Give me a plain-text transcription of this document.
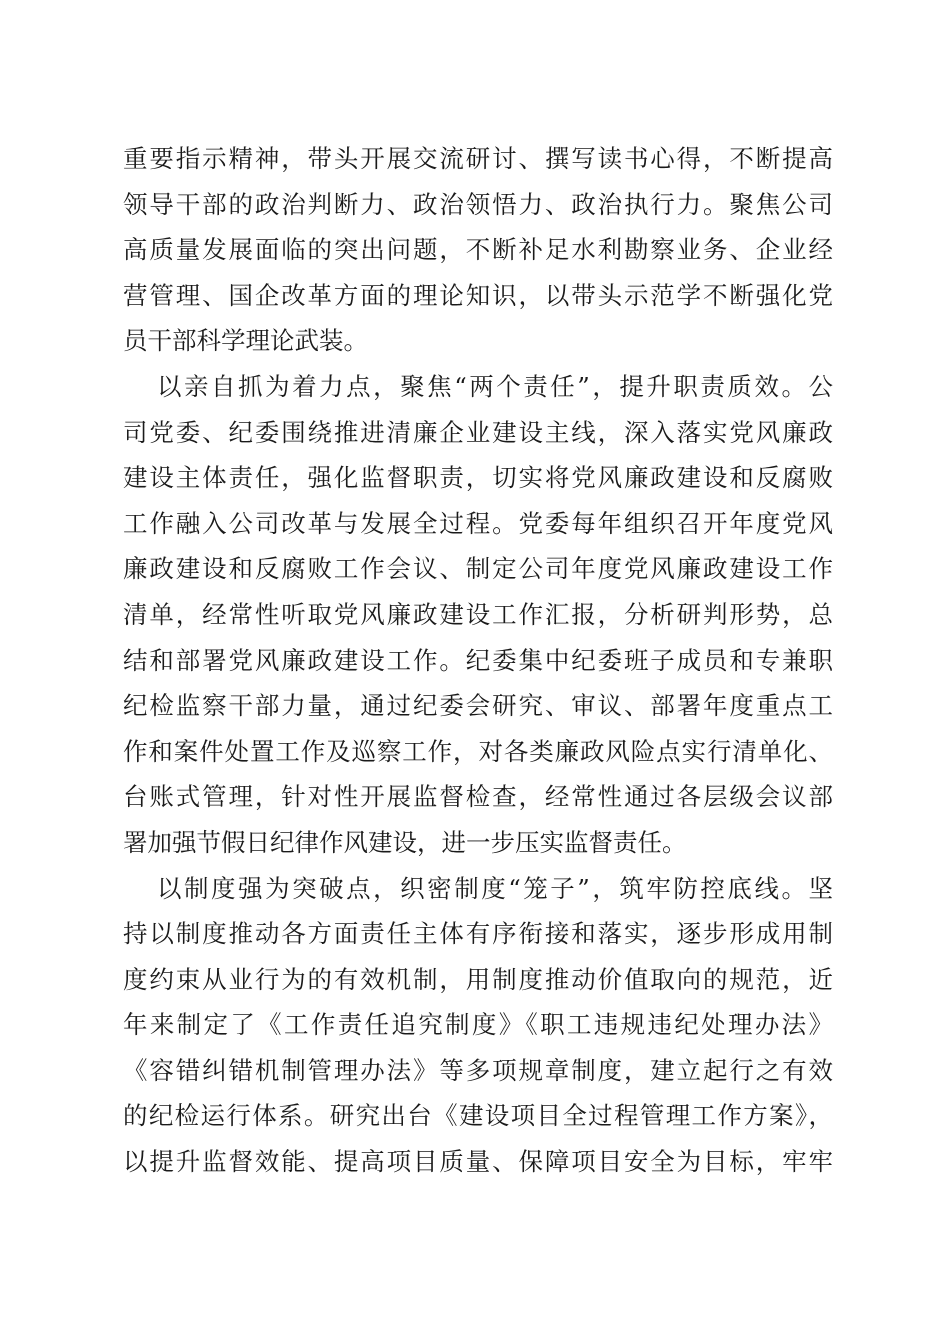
重要指示精神，带头开展交流研讨、撰写读书心得，不断提高
领导干部的政治判断力、政治领悟力、政治执行力。聚焦公司
高质量发展面临的突出问题，不断补足水利勘察业务、企业经
营管理、国企改革方面的理论知识，以带头示范学不断强化党
员干部科学理论武装。
以亲自抓为着力点，聚焦“两个责任”，提升职责质效。公
司党委、纪委围绕推进清廉企业建设主线，深入落实党风廉政
建设主体责任，强化监督职责，切实将党风廉政建设和反腐败
工作融入公司改革与发展全过程。党委每年组织召开年度党风
廉政建设和反腐败工作会议、制定公司年度党风廉政建设工作
清单，经常性听取党风廉政建设工作汇报，分析研判形势，总
结和部署党风廉政建设工作。纪委集中纪委班子成员和专兼职
纪检监察干部力量，通过纪委会研究、审议、部署年度重点工
作和案件处置工作及巡察工作，对各类廉政风险点实行清单化、
台账式管理，针对性开展监督检查，经常性通过各层级会议部
署加强节假日纪律作风建设，进一步压实监督责任。
以制度强为突破点，织密制度“笼子”，筑牢防控底线。坚
持以制度推动各方面责任主体有序衔接和落实，逐步形成用制
度约束从业行为的有效机制，用制度推动价值取向的规范，近
年来制定了《工作责任追究制度》《职工违规违纪处理办法》
《容错纠错机制管理办法》等多项规章制度，建立起行之有效
的纪检运行体系。研究出台《建设项目全过程管理工作方案》，
以提升监督效能、提高项目质量、保障项目安全为目标，牢牢
